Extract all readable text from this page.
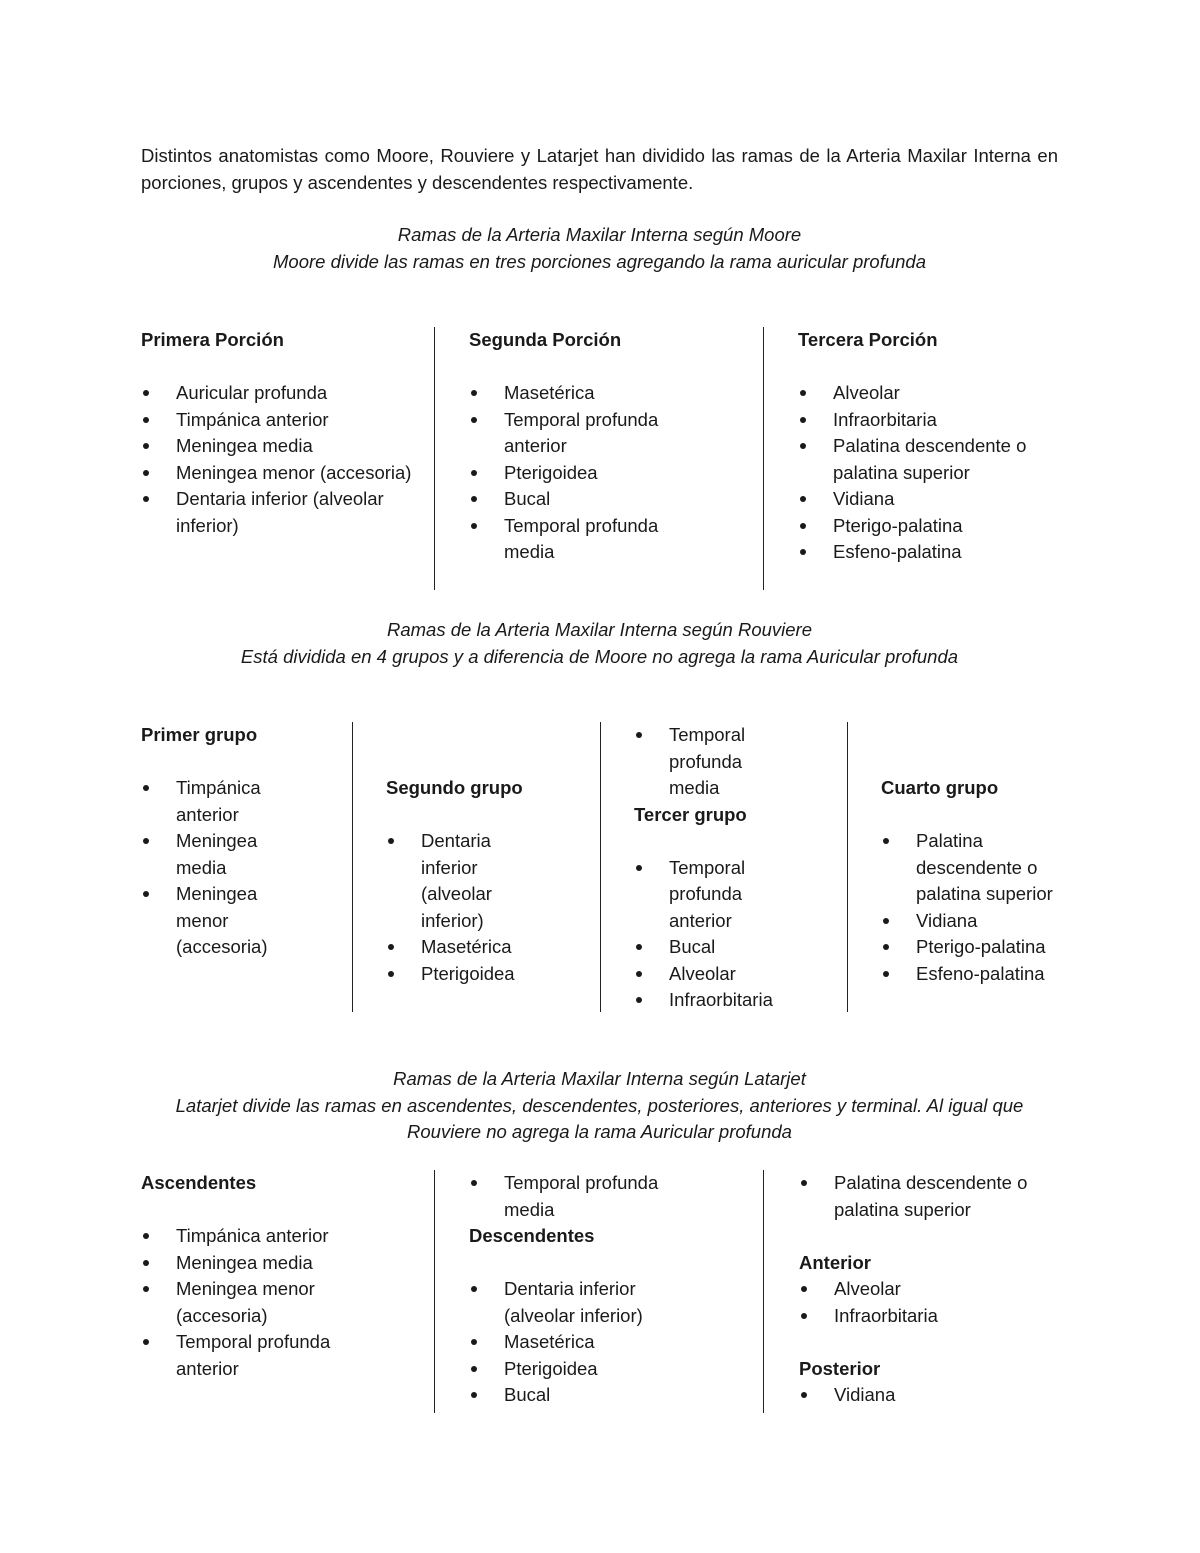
Distintos anatomistas como Moore, Rouviere y Latarjet han dividido las ramas de la Arteria Maxilar Interna en porciones, grupos y ascendentes y descendentes respectivamente.

Ramas de la Arteria Maxilar Interna según Moore
Moore divide las ramas en tres porciones agregando la rama auricular profunda
Primera Porción
Auricular profunda
Timpánica anterior
Meningea media
Meningea menor (accesoria)
Dentaria inferior (alveolar inferior)
Segunda Porción
Masetérica
Temporal profunda anterior
Pterigoidea
Bucal
Temporal profunda media
Tercera Porción
Alveolar
Infraorbitaria
Palatina descendente o palatina superior
Vidiana
Pterigo-palatina
Esfeno-palatina
Ramas de la Arteria Maxilar Interna según Rouviere
Está dividida en 4 grupos y a diferencia de Moore no agrega la rama Auricular profunda
Primer grupo
Timpánica anterior
Meningea media
Meningea menor (accesoria)
Segundo grupo
Dentaria inferior (alveolar inferior)
Masetérica
Pterigoidea
Temporal profunda media
Tercer grupo
Temporal profunda anterior
Bucal
Alveolar
Infraorbitaria
Cuarto grupo
Palatina descendente o palatina superior
Vidiana
Pterigo-palatina
Esfeno-palatina
Ramas de la Arteria Maxilar Interna según Latarjet
Latarjet divide las ramas en ascendentes, descendentes, posteriores, anteriores y terminal. Al igual que Rouviere no agrega la rama Auricular profunda
Ascendentes
Timpánica anterior
Meningea media
Meningea menor (accesoria)
Temporal profunda anterior
Temporal profunda media
Descendentes
Dentaria inferior (alveolar inferior)
Masetérica
Pterigoidea
Bucal
Palatina descendente o palatina superior
Anterior
Alveolar
Infraorbitaria
Posterior
Vidiana
